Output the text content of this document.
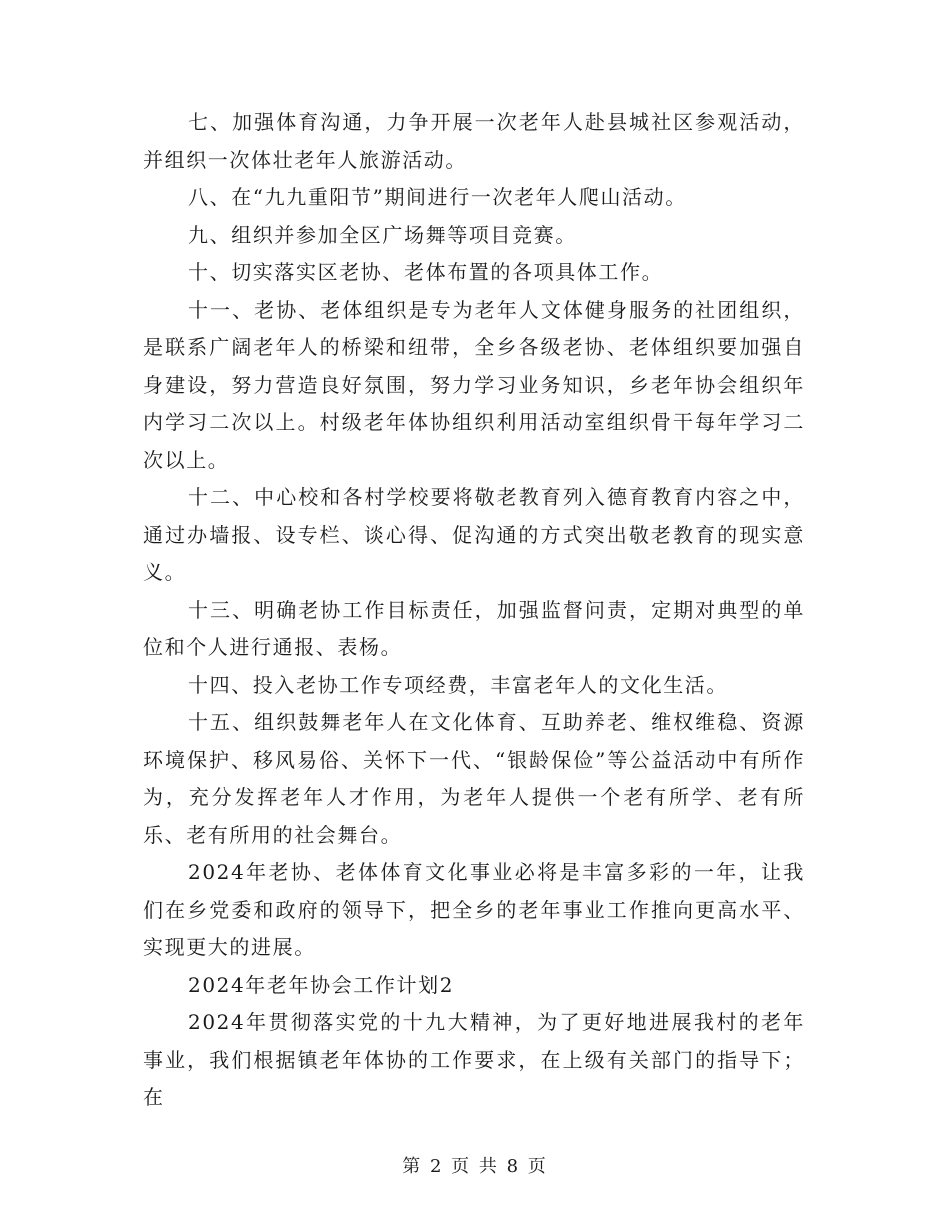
七、加强体育沟通，力争开展一次老年人赴县城社区参观活动，并组织一次体壮老年人旅游活动。

八、在“九九重阳节”期间进行一次老年人爬山活动。

九、组织并参加全区广场舞等项目竞赛。

十、切实落实区老协、老体布置的各项具体工作。

十一、老协、老体组织是专为老年人文体健身服务的社团组织，是联系广阔老年人的桥梁和纽带，全乡各级老协、老体组织要加强自身建设，努力营造良好氛围，努力学习业务知识，乡老年协会组织年内学习二次以上。村级老年体协组织利用活动室组织骨干每年学习二次以上。

十二、中心校和各村学校要将敬老教育列入德育教育内容之中，通过办墙报、设专栏、谈心得、促沟通的方式突出敬老教育的现实意义。

十三、明确老协工作目标责任，加强监督问责，定期对典型的单位和个人进行通报、表杨。

十四、投入老协工作专项经费，丰富老年人的文化生活。

十五、组织鼓舞老年人在文化体育、互助养老、维权维稳、资源环境保护、移风易俗、关怀下一代、“银龄保俭”等公益活动中有所作为，充分发挥老年人才作用，为老年人提供一个老有所学、老有所乐、老有所用的社会舞台。

2024年老协、老体体育文化事业必将是丰富多彩的一年，让我们在乡党委和政府的领导下，把全乡的老年事业工作推向更高水平、实现更大的进展。

2024年老年协会工作计划2

2024年贯彻落实党的十九大精神，为了更好地进展我村的老年事业，我们根据镇老年体协的工作要求，在上级有关部门的指导下；在

第 2 页 共 8 页
